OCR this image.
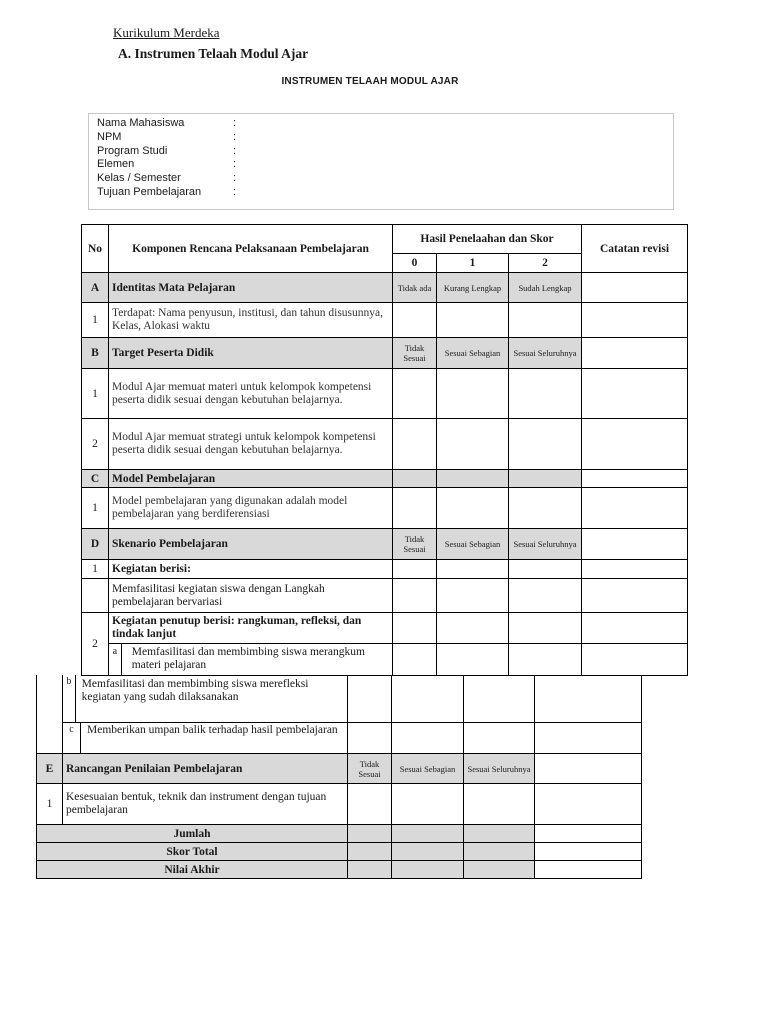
Kurikulum Merdeka
A. Instrumen Telaah Modul Ajar
INSTRUMEN TELAAH MODUL AJAR
Nama Mahasiswa	:
NPM	:
Program Studi	:
Elemen	:
Kelas / Semester	:
Tujuan Pembelajaran	:
No	Komponen Rencana Pelaksanaan Pembelajaran	Hasil Penelaahan dan Skor			Catatan revisi
		0	1	2	
A	Identitas Mata Pelajaran	Tidak ada	Kurang Lengkap	Sudah Lengkap	

1	Terdapat: Nama penyusun, institusi, dan tahun disusunnya, Kelas, Alokasi waktu				
B	Target Peserta Didik	Tidak Sesuai	Sesuai Sebagian	Sesuai Seluruhnya	

1	Modul Ajar memuat materi untuk kelompok kompetensi peserta didik sesuai dengan kebutuhan belajarnya.				
2	Modul Ajar memuat strategi untuk kelompok kompetensi peserta didik sesuai dengan kebutuhan belajarnya.				
C	Model Pembelajaran				
1	Model pembelajaran yang digunakan adalah model pembelajaran yang berdiferensiasi				
D	Skenario Pembelajaran	Tidak Sesuai	Sesuai Sebagian	Sesuai Seluruhnya	

1	Kegiatan berisi:				
	Memfasilitasi kegiatan siswa dengan Langkah pembelajaran bervariasi				
2	Kegiatan penutup berisi: rangkuman, refleksi, dan tindak lanjut				

	a Memfasilitasi dan membimbing siswa merangkum materi pelajaran				

	b Memfasilitasi dan membimbing siswa merefleksi kegiatan yang sudah dilaksanakan				

	c Memberikan umpan balik terhadap hasil pembelajaran				

E	Rancangan Penilaian Pembelajaran	Tidak Sesuai	Sesuai Sebagian	Sesuai Seluruhnya	

1	Kesesuaian bentuk, teknik dan instrument dengan tujuan pembelajaran				
Jumlah					
Skor Total					
Nilai Akhir					
